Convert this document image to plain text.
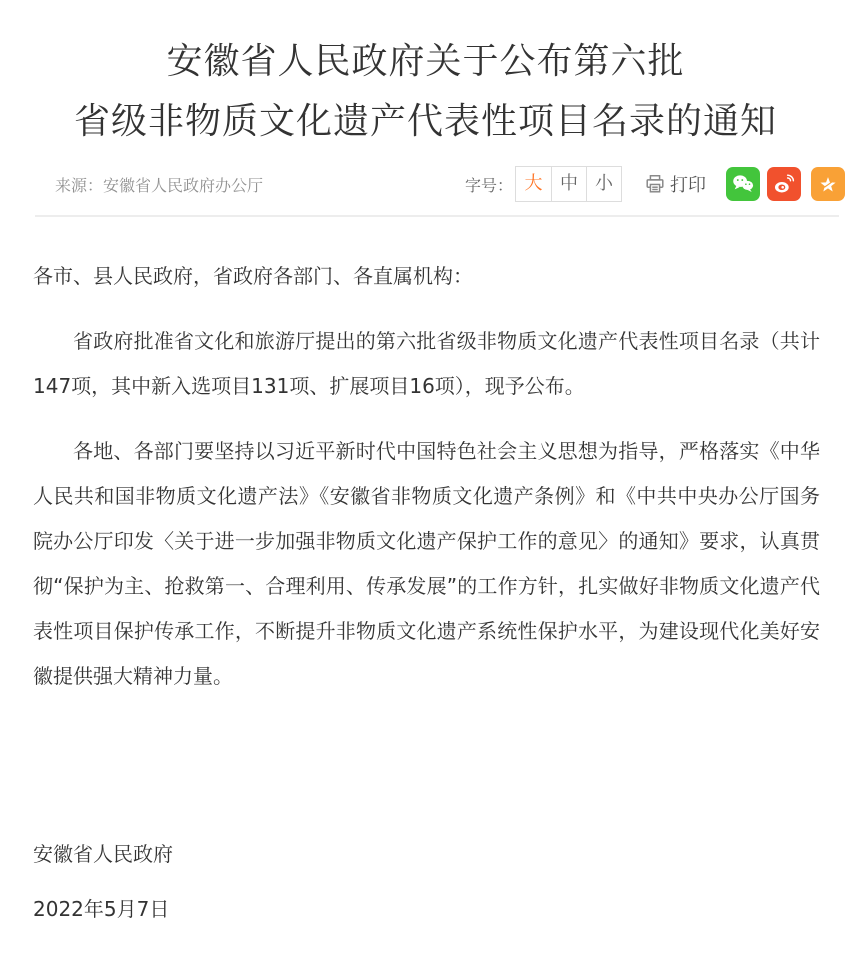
安徽省人民政府关于公布第六批
省级非物质文化遗产代表性项目名录的通知
来源：安徽省人民政府办公厅	字号： 大 中 小	打印

各市、县人民政府，省政府各部门、各直属机构：

省政府批准省文化和旅游厅提出的第六批省级非物质文化遗产代表性项目名录（共计147项，其中新入选项目131项、扩展项目16项），现予公布。

各地、各部门要坚持以习近平新时代中国特色社会主义思想为指导，严格落实《中华人民共和国非物质文化遗产法》《安徽省非物质文化遗产条例》和《中共中央办公厅国务院办公厅印发〈关于进一步加强非物质文化遗产保护工作的意见〉的通知》要求，认真贯彻“保护为主、抢救第一、合理利用、传承发展”的工作方针，扎实做好非物质文化遗产代表性项目保护传承工作，不断提升非物质文化遗产系统性保护水平，为建设现代化美好安徽提供强大精神力量。

安徽省人民政府

2022年5月7日
